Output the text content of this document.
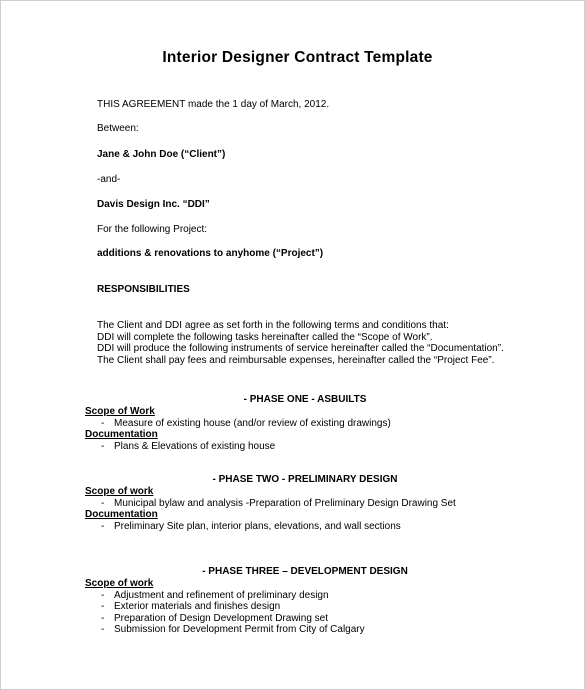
Interior Designer Contract Template
THIS AGREEMENT made the 1 day of March, 2012.
Between:
Jane & John Doe (“Client”)
-and-
Davis Design Inc. “DDI”
For the following Project:
additions & renovations to anyhome (“Project”)
RESPONSIBILITIES
The Client and DDI agree as set forth in the following terms and conditions that:
DDI will complete the following tasks hereinafter called the “Scope of Work”.
DDI will produce the following instruments of service hereinafter called the “Documentation”.
The Client shall pay fees and reimbursable expenses, hereinafter called the “Project Fee”.
- PHASE ONE - ASBUILTS
Scope of Work
- Measure of existing house (and/or review of existing drawings)
Documentation
- Plans & Elevations of existing house
- PHASE TWO - PRELIMINARY DESIGN
Scope of work
- Municipal bylaw and analysis -Preparation of Preliminary Design Drawing Set
Documentation
- Preliminary Site plan, interior plans, elevations, and wall sections
- PHASE THREE – DEVELOPMENT DESIGN
Scope of work
- Adjustment and refinement of preliminary design
- Exterior materials and finishes design
- Preparation of Design Development Drawing set
- Submission for Development Permit from City of Calgary
